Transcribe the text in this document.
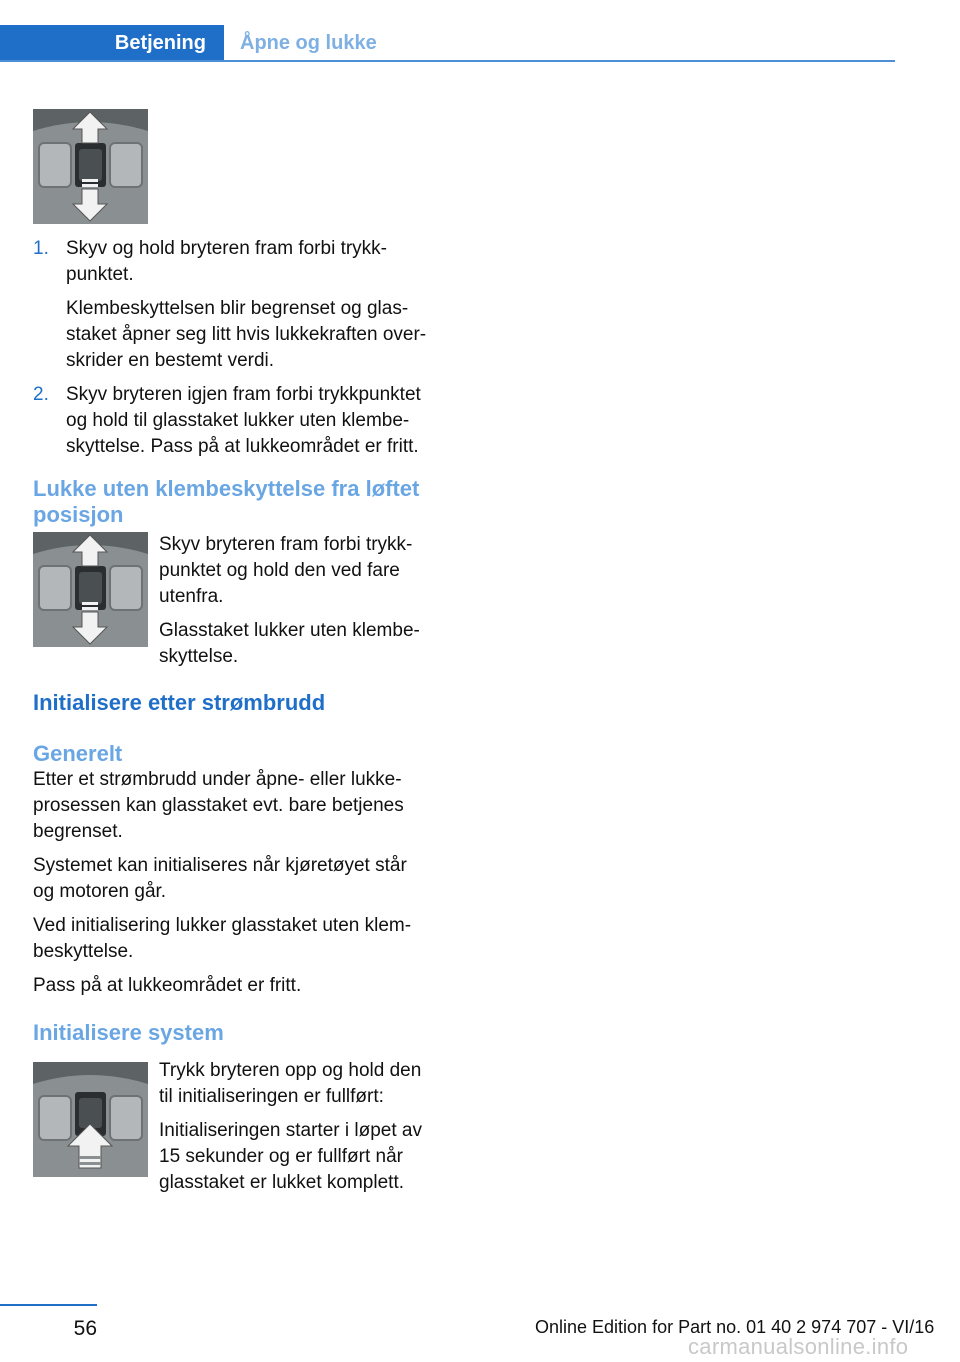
Betjening	Åpne og lukke
1. Skyv og hold bryteren fram forbi trykk-

punktet.

Klembeskyttelsen blir begrenset og glas-

staket åpner seg litt hvis lukkekraften over-

skrider en bestemt verdi.

2. Skyv bryteren igjen fram forbi trykkpunktet

og hold til glasstaket lukker uten klembe-

skyttelse. Pass på at lukkeområdet er fritt.

Lukke uten klembeskyttelse fra løftet

posisjon

Skyv bryteren fram forbi trykk-

punktet og hold den ved fare

utenfra.

Glasstaket lukker uten klembe-

skyttelse.

Initialisere etter strømbrudd

Generelt

Etter et strømbrudd under åpne- eller lukke-

prosessen kan glasstaket evt. bare betjenes

begrenset.

Systemet kan initialiseres når kjøretøyet står

og motoren går.

Ved initialisering lukker glasstaket uten klem-

beskyttelse.

Pass på at lukkeområdet er fritt.

Initialisere system

Trykk bryteren opp og hold den

til initialiseringen er fullført:

Initialiseringen starter i løpet av

15 sekunder og er fullført når

glasstaket er lukket komplett.

56	Online Edition for Part no. 01 40 2 974 707 - VI/16
carmanualsonline.info
